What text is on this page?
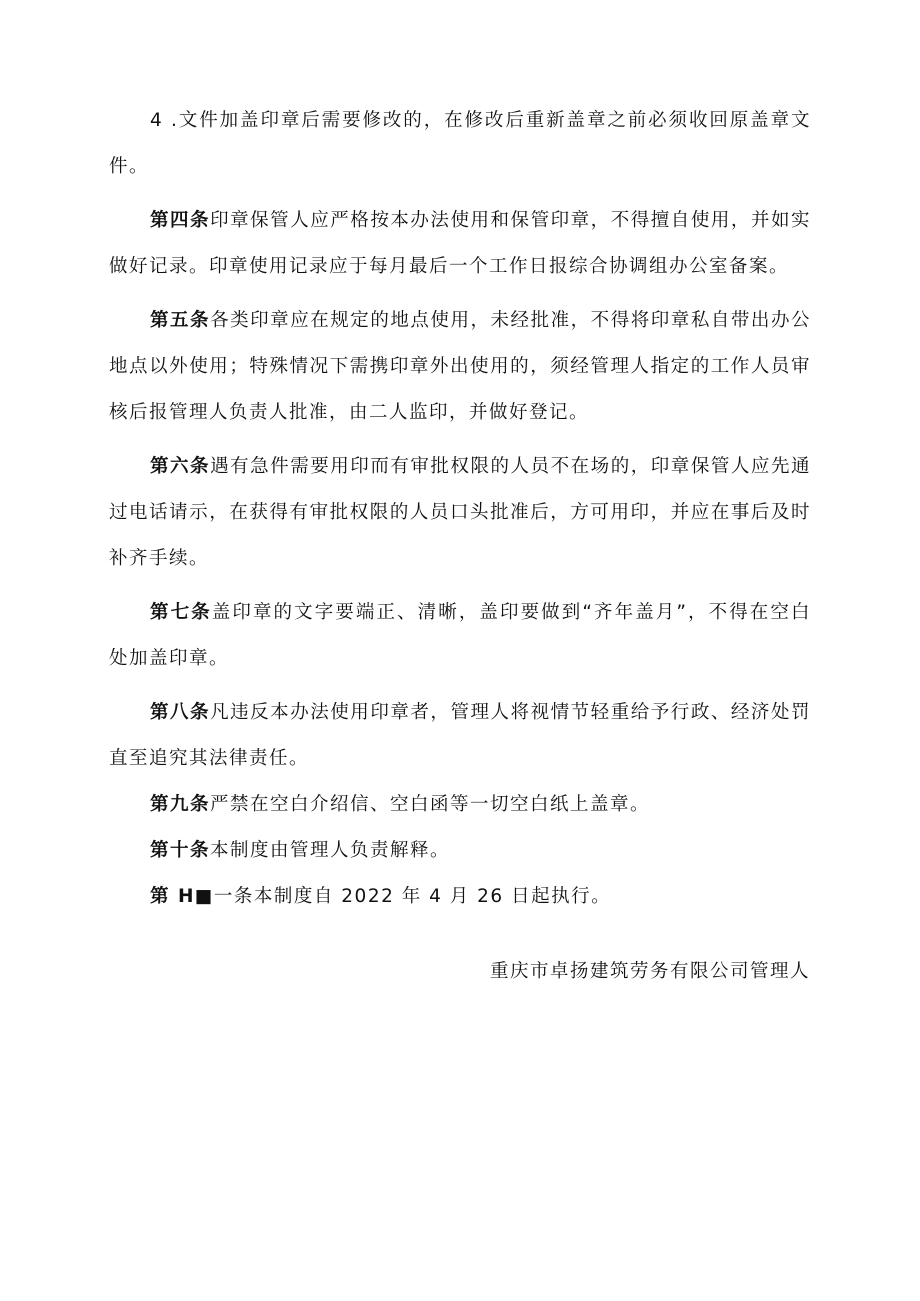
4 .文件加盖印章后需要修改的，在修改后重新盖章之前必须收回原盖章文件。

第四条印章保管人应严格按本办法使用和保管印章，不得擅自使用，并如实做好记录。印章使用记录应于每月最后一个工作日报综合协调组办公室备案。

第五条各类印章应在规定的地点使用，未经批准，不得将印章私自带出办公地点以外使用；特殊情况下需携印章外出使用的，须经管理人指定的工作人员审核后报管理人负责人批准，由二人监印，并做好登记。

第六条遇有急件需要用印而有审批权限的人员不在场的，印章保管人应先通过电话请示，在获得有审批权限的人员口头批准后，方可用印，并应在事后及时补齐手续。

第七条盖印章的文字要端正、清晰，盖印要做到“齐年盖月”，不得在空白处加盖印章。

第八条凡违反本办法使用印章者，管理人将视情节轻重给予行政、经济处罚直至追究其法律责任。

第九条严禁在空白介绍信、空白函等一切空白纸上盖章。

第十条本制度由管理人负责解释。

第 H■一条本制度自 2022 年 4 月 26 日起执行。

重庆市卓扬建筑劳务有限公司管理人
